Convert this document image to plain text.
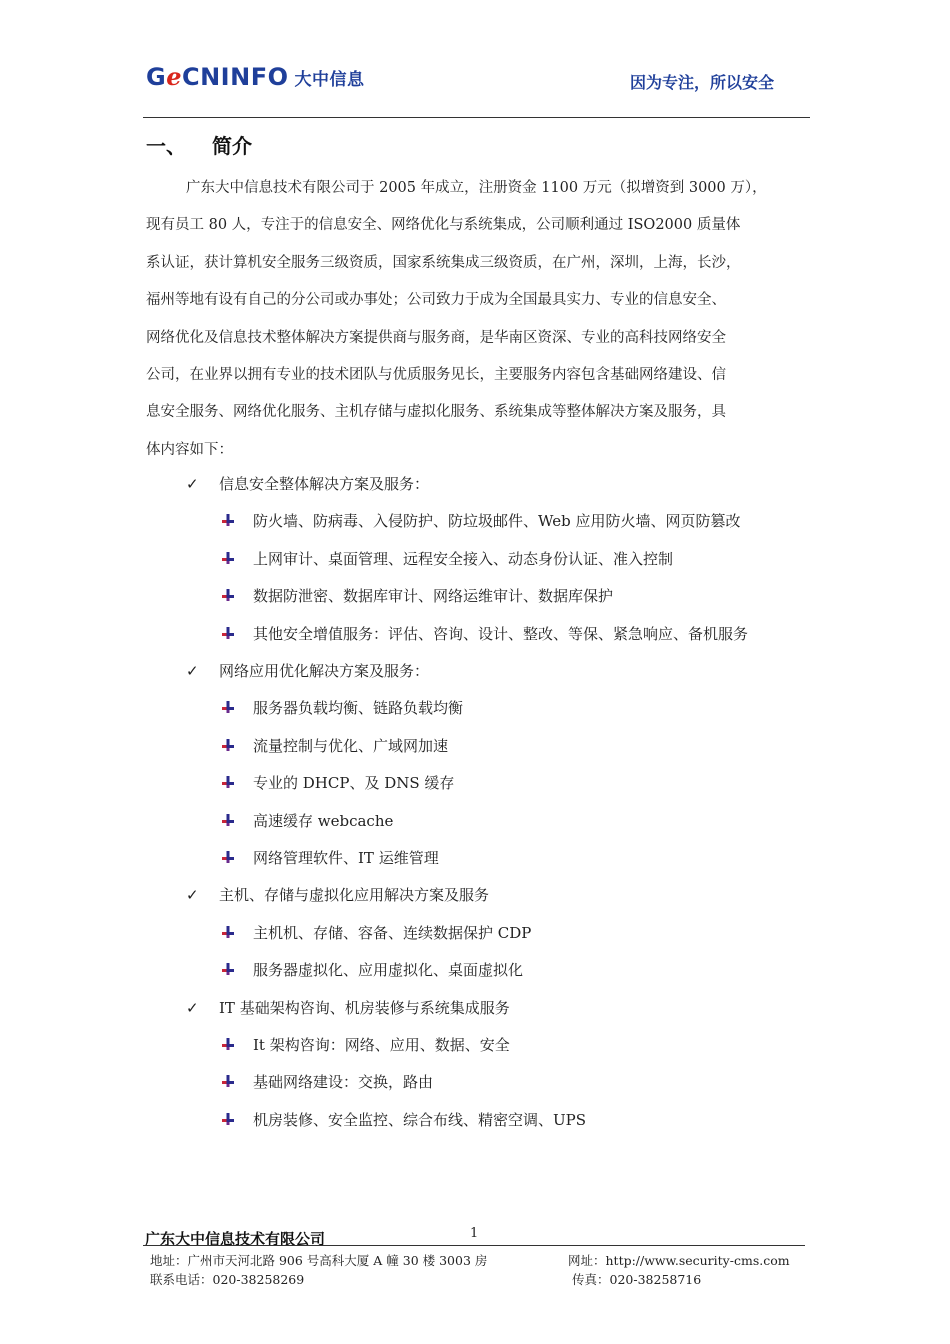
GeCNINFO 大中信息	因为专注，所以安全
一、 简介
广东大中信息技术有限公司于 2005 年成立，注册资金 1100 万元（拟增资到 3000 万），
现有员工 80 人，专注于的信息安全、网络优化与系统集成，公司顺利通过 ISO2000 质量体
系认证，获计算机安全服务三级资质，国家系统集成三级资质，在广州，深圳，上海，长沙，
福州等地有设有自己的分公司或办事处；公司致力于成为全国最具实力、专业的信息安全、
网络优化及信息技术整体解决方案提供商与服务商，是华南区资深、专业的高科技网络安全
公司，在业界以拥有专业的技术团队与优质服务见长，主要服务内容包含基础网络建设、信
息安全服务、网络优化服务、主机存储与虚拟化服务、系统集成等整体解决方案及服务，具
体内容如下：
✓ 信息安全整体解决方案及服务：
防火墙、防病毒、入侵防护、防垃圾邮件、Web 应用防火墙、网页防篡改
上网审计、桌面管理、远程安全接入、动态身份认证、准入控制
数据防泄密、数据库审计、网络运维审计、数据库保护
其他安全增值服务：评估、咨询、设计、整改、等保、紧急响应、备机服务
✓ 网络应用优化解决方案及服务：
服务器负载均衡、链路负载均衡
流量控制与优化、广域网加速
专业的 DHCP、及 DNS 缓存
高速缓存 webcache
网络管理软件、IT 运维管理
✓ 主机、存储与虚拟化应用解决方案及服务
主机机、存储、容备、连续数据保护 CDP
服务器虚拟化、应用虚拟化、桌面虚拟化
✓ IT 基础架构咨询、机房装修与系统集成服务
It 架构咨询：网络、应用、数据、安全
基础网络建设：交换，路由
机房装修、安全监控、综合布线、精密空调、UPS
广东大中信息技术有限公司	1
地址：广州市天河北路 906 号高科大厦 A 幢 30 楼 3003 房
联系电话：020-38258269
网址：http://www.security-cms.com
传真：020-38258716
